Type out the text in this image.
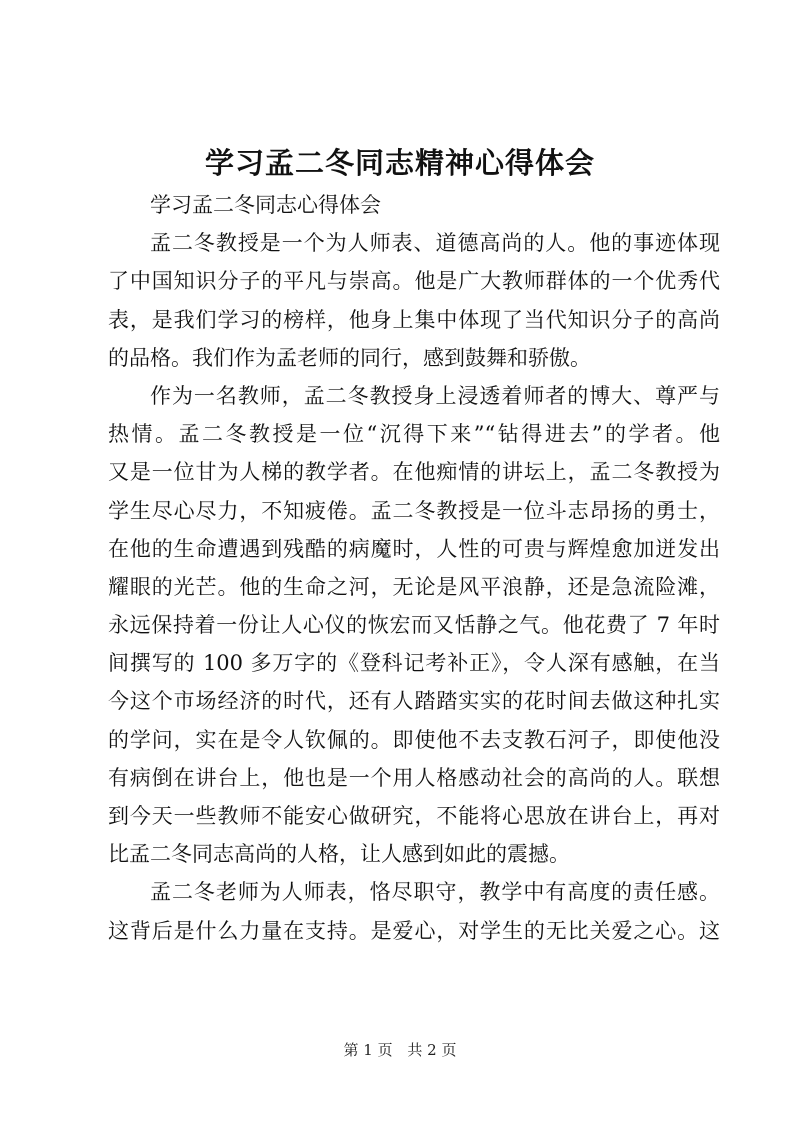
学习孟二冬同志精神心得体会
学习孟二冬同志心得体会
孟二冬教授是一个为人师表、道德高尚的人。他的事迹体现
了中国知识分子的平凡与崇高。他是广大教师群体的一个优秀代
表，是我们学习的榜样，他身上集中体现了当代知识分子的高尚
的品格。我们作为孟老师的同行，感到鼓舞和骄傲。
作为一名教师，孟二冬教授身上浸透着师者的博大、尊严与
热情。孟二冬教授是一位“沉得下来”“钻得进去”的学者。他
又是一位甘为人梯的教学者。在他痴情的讲坛上，孟二冬教授为
学生尽心尽力，不知疲倦。孟二冬教授是一位斗志昂扬的勇士，
在他的生命遭遇到残酷的病魔时，人性的可贵与辉煌愈加迸发出
耀眼的光芒。他的生命之河，无论是风平浪静，还是急流险滩，
永远保持着一份让人心仪的恢宏而又恬静之气。他花费了 7 年时
间撰写的 100 多万字的《登科记考补正》，令人深有感触，在当
今这个市场经济的时代，还有人踏踏实实的花时间去做这种扎实
的学问，实在是令人钦佩的。即使他不去支教石河子，即使他没
有病倒在讲台上，他也是一个用人格感动社会的高尚的人。联想
到今天一些教师不能安心做研究，不能将心思放在讲台上，再对
比孟二冬同志高尚的人格，让人感到如此的震撼。
孟二冬老师为人师表，恪尽职守，教学中有高度的责任感。
这背后是什么力量在支持。是爱心，对学生的无比关爱之心。这
第 1 页 共 2 页
